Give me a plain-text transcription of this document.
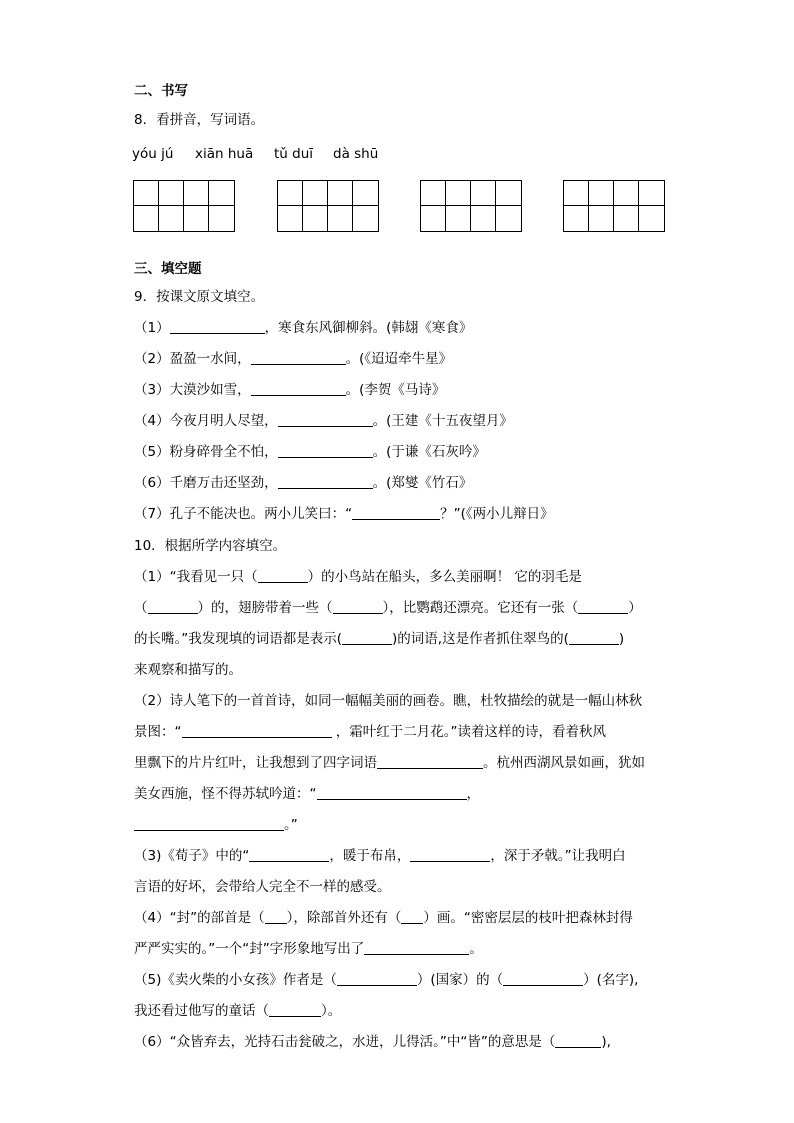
二、书写
8．看拼音，写词语。
yóu jú xiān huā tǔ duī dà shū
三、填空题
9．按课文原文填空。
（1）	，寒食东风御柳斜。(韩翃《寒食》
（2）盈盈一水间，	。(《迢迢牵牛星》
（3）大漠沙如雪，	。(李贺《马诗》
（4）今夜月明人尽望，	。(王建《十五夜望月》
（5）粉身碎骨全不怕，	。(于谦《石灰吟》
（6）千磨万击还坚劲，	。(郑燮《竹石》
（7）孔子不能决也。两小儿笑曰：“	？”(《两小儿辩日》
10．根据所学内容填空。
（1）“我看见一只（	）的小鸟站在船头，多么美丽啊！ 它的羽毛是
（	）的，翅膀带着一些（	），比鹦鹉还漂亮。它还有一张（	）
的长嘴。”我发现填的词语都是表示(	)的词语,这是作者抓住翠鸟的(	)
来观察和描写的。
（2）诗人笔下的一首首诗，如同一幅幅美丽的画卷。瞧，杜牧描绘的就是一幅山林秋
景图：“	，霜叶红于二月花。”读着这样的诗，看着秋风
里飘下的片片红叶，让我想到了四字词语	。杭州西湖风景如画，犹如
美女西施，怪不得苏轼吟道：“	，
。”
（3)《荀子》中的“	，暖于布帛，	，深于矛戟。”让我明白
言语的好坏，会带给人完全不一样的感受。
（4）“封”的部首是（ ），除部首外还有（ ）画。“密密层层的枝叶把森林封得
严严实实的。”一个“封”字形象地写出了	。
（5)《卖火柴的小女孩》作者是（	）(国家）的（	）(名字),
我还看过他写的童话（	）。
（6）“众皆弃去，光持石击瓮破之，水迸，儿得活。”中“皆”的意思是（	),
